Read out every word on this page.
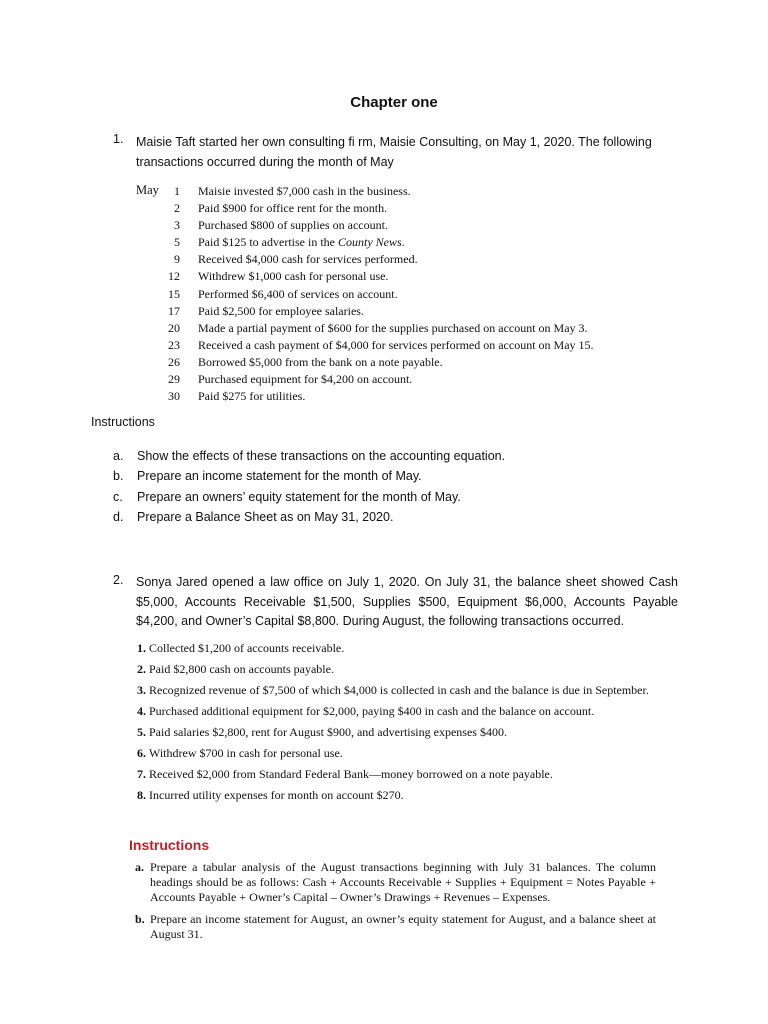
Chapter one
1. Maisie Taft started her own consulting fi rm, Maisie Consulting, on May 1, 2020. The following transactions occurred during the month of May
May	1 Maisie invested $7,000 cash in the business.
2 Paid $900 for office rent for the month.
3 Purchased $800 of supplies on account.
5 Paid $125 to advertise in the County News.
9 Received $4,000 cash for services performed.
12 Withdrew $1,000 cash for personal use.
15 Performed $6,400 of services on account.
17 Paid $2,500 for employee salaries.
20 Made a partial payment of $600 for the supplies purchased on account on May 3.
23 Received a cash payment of $4,000 for services performed on account on May 15.
26 Borrowed $5,000 from the bank on a note payable.
29 Purchased equipment for $4,200 on account.
30 Paid $275 for utilities.
Instructions
a.	Show the effects of these transactions on the accounting equation.
b.	Prepare an income statement for the month of May.
c.	Prepare an owners’ equity statement for the month of May.
d.	Prepare a Balance Sheet as on May 31, 2020.
2. Sonya Jared opened a law office on July 1, 2020. On July 31, the balance sheet showed Cash $5,000, Accounts Receivable $1,500, Supplies $500, Equipment $6,000, Accounts Payable $4,200, and Owner’s Capital $8,800. During August, the following transactions occurred.
1. Collected $1,200 of accounts receivable.
2. Paid $2,800 cash on accounts payable.
3. Recognized revenue of $7,500 of which $4,000 is collected in cash and the balance is due in September.
4. Purchased additional equipment for $2,000, paying $400 in cash and the balance on account.
5. Paid salaries $2,800, rent for August $900, and advertising expenses $400.
6. Withdrew $700 in cash for personal use.
7. Received $2,000 from Standard Federal Bank—money borrowed on a note payable.
8. Incurred utility expenses for month on account $270.
Instructions
a. Prepare a tabular analysis of the August transactions beginning with July 31 balances. The column headings should be as follows: Cash + Accounts Receivable + Supplies + Equipment = Notes Payable + Accounts Payable + Owner’s Capital – Owner’s Drawings + Revenues – Expenses.
b. Prepare an income statement for August, an owner’s equity statement for August, and a balance sheet at August 31.
